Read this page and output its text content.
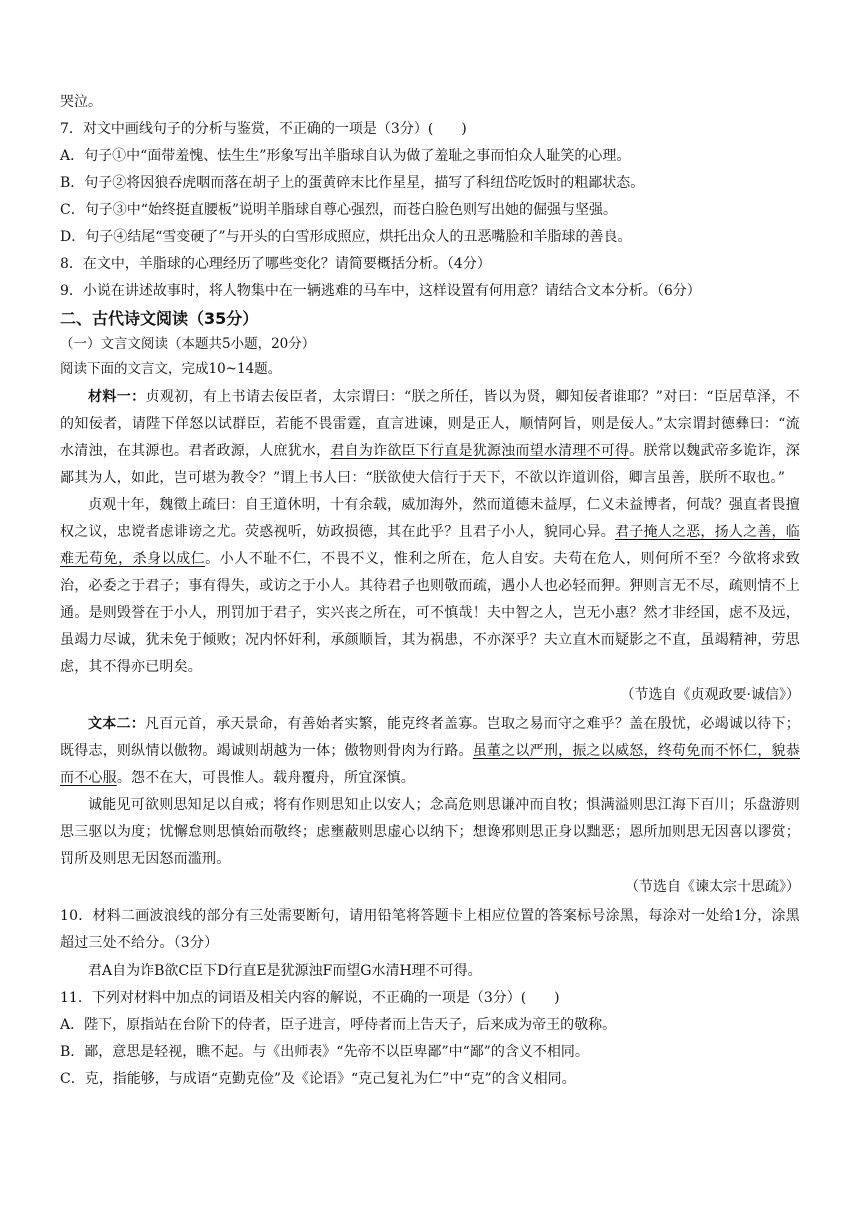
哭泣。

7．对文中画线句子的分析与鉴赏，不正确的一项是（3分）(　　)

A．句子①中“面带羞愧、怯生生”形象写出羊脂球自认为做了羞耻之事而怕众人耻笑的心理。

B．句子②将因狼吞虎咽而落在胡子上的蛋黄碎末比作星星，描写了科纽岱吃饭时的粗鄙状态。

C．句子③中“始终挺直腰板”说明羊脂球自尊心强烈，而苍白脸色则写出她的倔强与坚强。

D．句子④结尾“雪变硬了”与开头的白雪形成照应，烘托出众人的丑恶嘴脸和羊脂球的善良。

8．在文中，羊脂球的心理经历了哪些变化？请简要概括分析。（4分）

9．小说在讲述故事时，将人物集中在一辆逃难的马车中，这样设置有何用意？请结合文本分析。（6分）

二、古代诗文阅读（35分）

（一）文言文阅读（本题共5小题，20分）

阅读下面的文言文，完成10~14题。

材料一：贞观初，有上书请去佞臣者，太宗谓曰：“朕之所任，皆以为贤，卿知佞者谁耶？”对曰：“臣居草泽，不的知佞者，请陛下佯怒以试群臣，若能不畏雷霆，直言进谏，则是正人，顺情阿旨，则是佞人。”太宗谓封德彝曰：“流水清浊，在其源也。君者政源，人庶犹水，君自为诈欲臣下行直是犹源浊而望水清理不可得。朕常以魏武帝多诡诈，深鄙其为人，如此，岂可堪为教令？”谓上书人曰：“朕欲使大信行于天下，不欲以诈道训俗，卿言虽善，朕所不取也。”

贞观十年，魏徵上疏曰：自王道休明，十有余载，威加海外，然而道德未益厚，仁义未益博者，何哉？强直者畏擅权之议，忠谠者虑诽谤之尤。荧惑视听，妨政损德，其在此乎？且君子小人，貌同心异。君子掩人之恶，扬人之善，临难无苟免，杀身以成仁。小人不耻不仁，不畏不义，惟利之所在，危人自安。夫苟在危人，则何所不至？今欲将求致治，必委之于君子；事有得失，或访之于小人。其待君子也则敬而疏，遇小人也必轻而狎。狎则言无不尽，疏则情不上通。是则毁誉在于小人，刑罚加于君子，实兴丧之所在，可不慎哉！夫中智之人，岂无小惠？然才非经国，虑不及远，虽竭力尽诚，犹未免于倾败；况内怀奸利，承颜顺旨，其为祸患，不亦深乎？夫立直木而疑影之不直，虽竭精神，劳思虑，其不得亦已明矣。

（节选自《贞观政要·诚信》）

文本二：凡百元首，承天景命，有善始者实繁，能克终者盖寡。岂取之易而守之难乎？盖在殷忧，必竭诚以待下；既得志，则纵情以傲物。竭诚则胡越为一体；傲物则骨肉为行路。虽董之以严刑，振之以威怒，终苟免而不怀仁，貌恭而不心服。怨不在大，可畏惟人。载舟覆舟，所宜深慎。

诚能见可欲则思知足以自戒；将有作则思知止以安人；念高危则思谦冲而自牧；惧满溢则思江海下百川；乐盘游则思三驱以为度；忧懈怠则思慎始而敬终；虑壅蔽则思虚心以纳下；想谗邪则思正身以黜恶；恩所加则思无因喜以谬赏；罚所及则思无因怒而滥刑。

（节选自《谏太宗十思疏》）

10．材料二画波浪线的部分有三处需要断句，请用铅笔将答题卡上相应位置的答案标号涂黑，每涂对一处给1分，涂黑超过三处不给分。（3分）

君A自为诈B欲C臣下D行直E是犹源浊F而望G水清H理不可得。

11．下列对材料中加点的词语及相关内容的解说，不正确的一项是（3分）(　　)

A．陛下，原指站在台阶下的侍者，臣子进言，呼侍者而上告天子，后来成为帝王的敬称。

B．鄙，意思是轻视，瞧不起。与《出师表》“先帝不以臣卑鄙”中“鄙”的含义不相同。

C．克，指能够，与成语“克勤克俭”及《论语》“克己复礼为仁”中“克”的含义相同。
